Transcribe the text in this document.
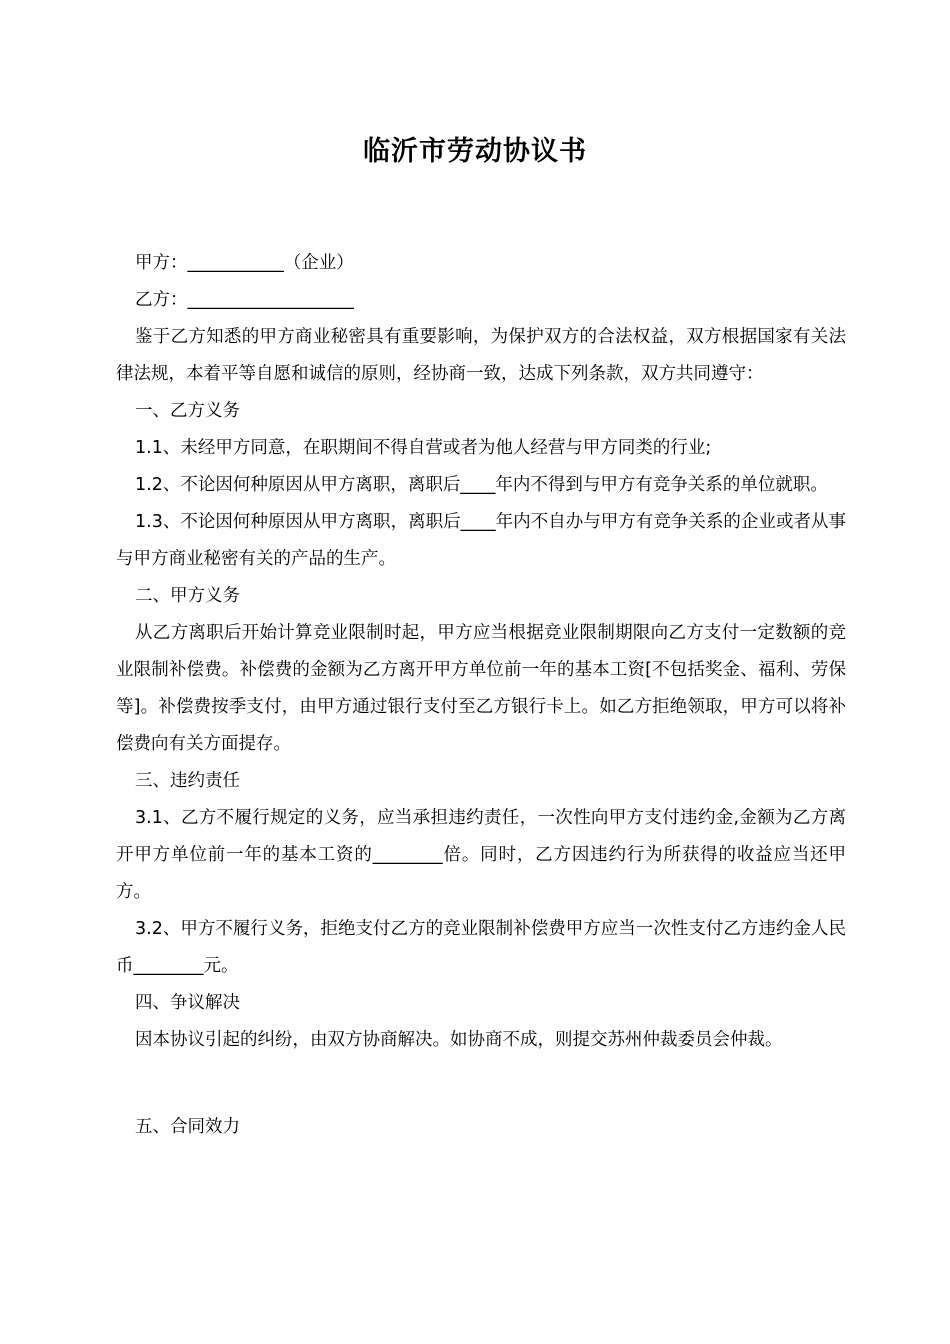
临沂市劳动协议书

甲方：___________（企业）

乙方：___________________

鉴于乙方知悉的甲方商业秘密具有重要影响，为保护双方的合法权益，双方根据国家有关法律法规，本着平等自愿和诚信的原则，经协商一致，达成下列条款，双方共同遵守：

一、乙方义务

1.1、未经甲方同意，在职期间不得自营或者为他人经营与甲方同类的行业;

1.2、不论因何种原因从甲方离职，离职后____年内不得到与甲方有竞争关系的单位就职。

1.3、不论因何种原因从甲方离职，离职后____年内不自办与甲方有竞争关系的企业或者从事与甲方商业秘密有关的产品的生产。

二、甲方义务

从乙方离职后开始计算竞业限制时起，甲方应当根据竞业限制期限向乙方支付一定数额的竞业限制补偿费。补偿费的金额为乙方离开甲方单位前一年的基本工资[不包括奖金、福利、劳保等]。补偿费按季支付，由甲方通过银行支付至乙方银行卡上。如乙方拒绝领取，甲方可以将补偿费向有关方面提存。

三、违约责任

3.1、乙方不履行规定的义务，应当承担违约责任，一次性向甲方支付违约金,金额为乙方离开甲方单位前一年的基本工资的________倍。同时，乙方因违约行为所获得的收益应当还甲方。

3.2、甲方不履行义务，拒绝支付乙方的竞业限制补偿费甲方应当一次性支付乙方违约金人民币________元。

四、争议解决

因本协议引起的纠纷，由双方协商解决。如协商不成，则提交苏州仲裁委员会仲裁。

五、合同效力
